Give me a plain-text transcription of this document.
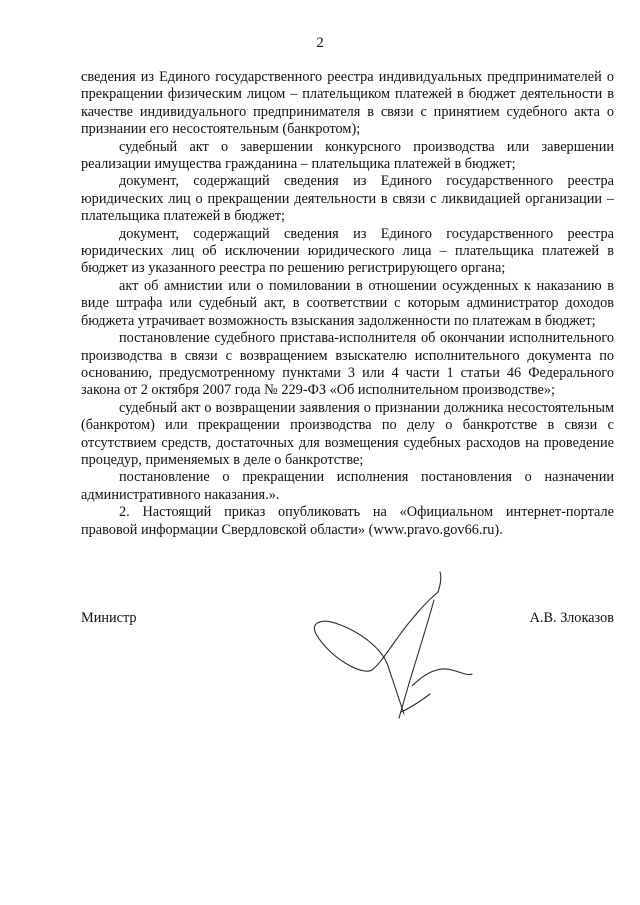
2

сведения из Единого государственного реестра индивидуальных предпринимателей о прекращении физическим лицом – плательщиком платежей в бюджет деятельности в качестве индивидуального предпринимателя в связи с принятием судебного акта о признании его несостоятельным (банкротом);

судебный акт о завершении конкурсного производства или завершении реализации имущества гражданина – плательщика платежей в бюджет;

документ, содержащий сведения из Единого государственного реестра юридических лиц о прекращении деятельности в связи с ликвидацией организации – плательщика платежей в бюджет;

документ, содержащий сведения из Единого государственного реестра юридических лиц об исключении юридического лица – плательщика платежей в бюджет из указанного реестра по решению регистрирующего органа;

акт об амнистии или о помиловании в отношении осужденных к наказанию в виде штрафа или судебный акт, в соответствии с которым администратор доходов бюджета утрачивает возможность взыскания задолженности по платежам в бюджет;

постановление судебного пристава-исполнителя об окончании исполнительного производства в связи с возвращением взыскателю исполнительного документа по основанию, предусмотренному пунктами 3 или 4 части 1 статьи 46 Федерального закона от 2 октября 2007 года № 229-ФЗ «Об исполнительном производстве»;

судебный акт о возвращении заявления о признании должника несостоятельным (банкротом) или прекращении производства по делу о банкротстве в связи с отсутствием средств, достаточных для возмещения судебных расходов на проведение процедур, применяемых в деле о банкротстве;

постановление о прекращении исполнения постановления о назначении административного наказания.».

2. Настоящий приказ опубликовать на «Официальном интернет-портале правовой информации Свердловской области» (www.pravo.gov66.ru).

Министр	А.В. Злоказов
